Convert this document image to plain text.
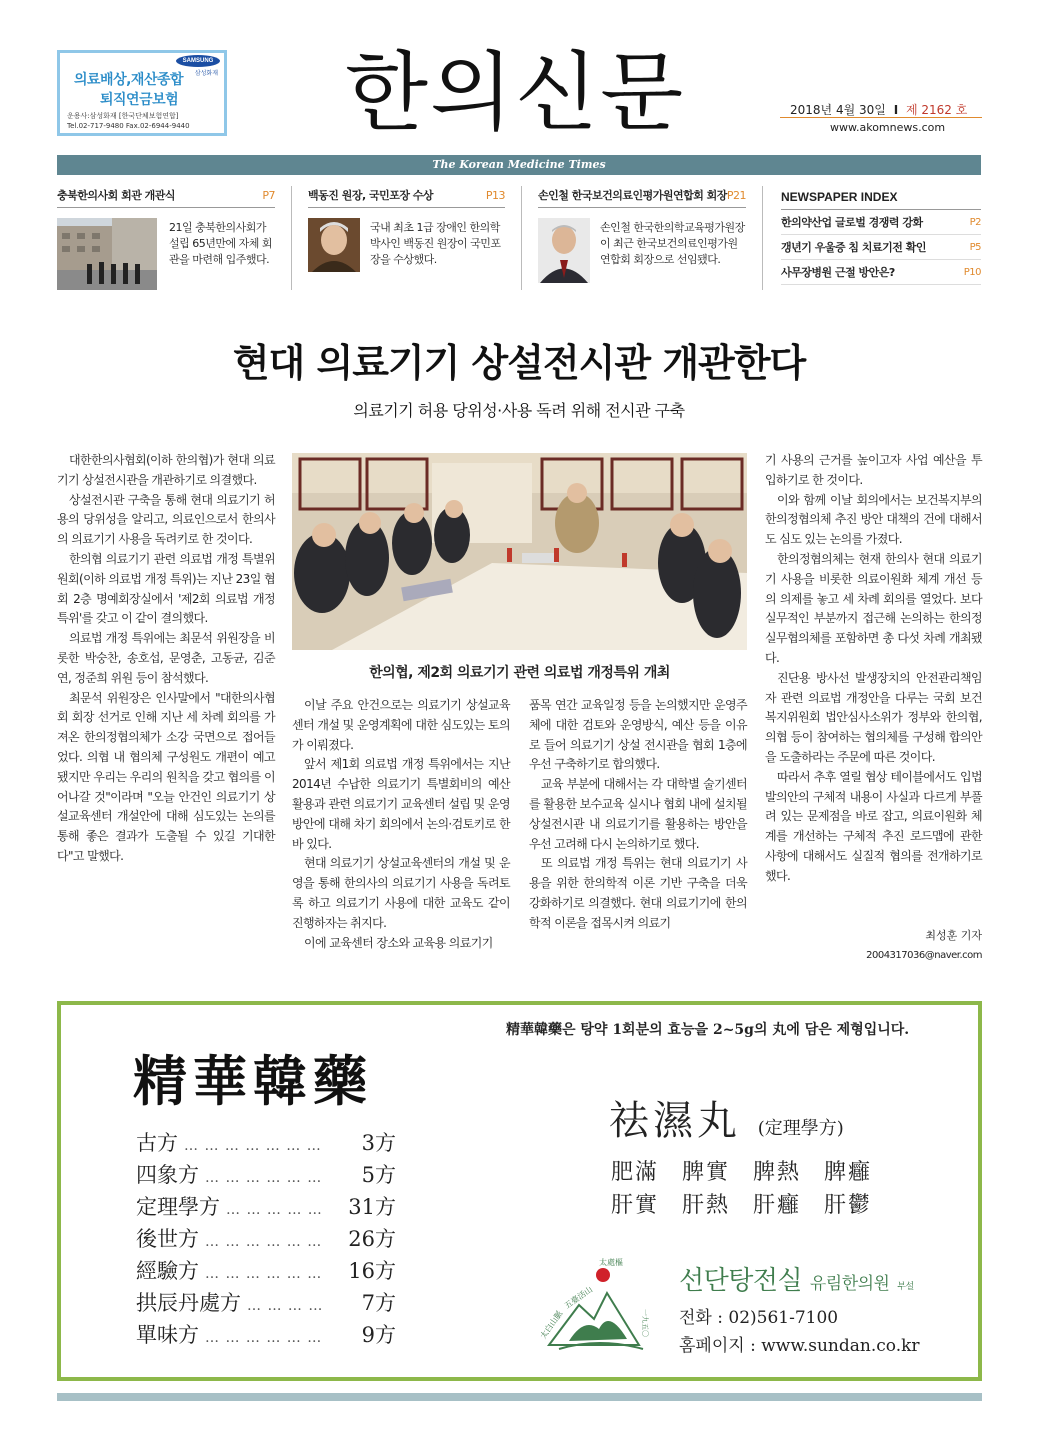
SAMSUNG
삼성화재
의료배상,재산종합
퇴직연금보험
운용사:삼성화재 [한국단체보험연합]
Tel.02-717-9480 Fax.02-6944-9440	한의신문	2018년 4월 30일 I 제 2162 호
www.akomnews.com
The Korean Medicine Times
충북한의사회 회관 개관식	P7
21일 충북한의사회가 설립 65년만에 자체 회관을 마련해 입주했다.
백동진 원장, 국민포장 수상	P13
국내 최초 1급 장애인 한의학박사인 백동진 원장이 국민포장을 수상했다.
손인철 한국보건의료인평가원연합회 회장 P21
손인철 한국한의학교육평가원장이 최근 한국보건의료인평가원연합회 회장으로 선임됐다.
NEWSPAPER INDEX
한의약산업 글로벌 경쟁력 강화	P2
갱년기 우울증 침 치료기전 확인	P5
사무장병원 근절 방안은?	P10
현대 의료기기 상설전시관 개관한다
의료기기 허용 당위성·사용 독려 위해 전시관 구축

대한한의사협회(이하 한의협)가 현대 의료기기 상설전시관을 개관하기로 의결했다.

상설전시관 구축을 통해 현대 의료기기 허용의 당위성을 알리고, 의료인으로서 한의사의 의료기기 사용을 독려키로 한 것이다.

한의협 의료기기 관련 의료법 개정 특별위원회(이하 의료법 개정 특위)는 지난 23일 협회 2층 명예회장실에서 '제2회 의료법 개정 특위'를 갖고 이 같이 결의했다.

의료법 개정 특위에는 최문석 위원장을 비롯한 박숭찬, 송호섭, 문영춘, 고동균, 김준연, 정준희 위원 등이 참석했다.

최문석 위원장은 인사말에서 "대한의사협회 회장 선거로 인해 지난 세 차례 회의를 가져온 한의정협의체가 소강 국면으로 접어들었다. 의협 내 협의체 구성원도 개편이 예고됐지만 우리는 우리의 원칙을 갖고 협의를 이어나갈 것"이라며 "오늘 안건인 의료기기 상설교육센터 개설안에 대해 심도있는 논의를 통해 좋은 결과가 도출될 수 있길 기대한다"고 말했다.

한의협, 제2회 의료기기 관련 의료법 개정특위 개최

이날 주요 안건으로는 의료기기 상설교육센터 개설 및 운영계획에 대한 심도있는 토의가 이뤄졌다.

앞서 제1회 의료법 개정 특위에서는 지난 2014년 수납한 의료기기 특별회비의 예산 활용과 관련 의료기기 교육센터 설립 및 운영방안에 대해 차기 회의에서 논의·검토키로 한 바 있다.

현대 의료기기 상설교육센터의 개설 및 운영을 통해 한의사의 의료기기 사용을 독려토록 하고 의료기기 사용에 대한 교육도 같이 진행하자는 취지다.

이에 교육센터 장소와 교육용 의료기기

품목 연간 교육일정 등을 논의했지만 운영주체에 대한 검토와 운영방식, 예산 등을 이유로 들어 의료기기 상설 전시관을 협회 1층에 우선 구축하기로 합의했다.

교육 부분에 대해서는 각 대학별 술기센터를 활용한 보수교육 실시나 협회 내에 설치될 상설전시관 내 의료기기를 활용하는 방안을 우선 고려해 다시 논의하기로 했다.

또 의료법 개정 특위는 현대 의료기기 사용을 위한 한의학적 이론 기반 구축을 더욱 강화하기로 의결했다. 현대 의료기기에 한의학적 이론을 접목시켜 의료기

기 사용의 근거를 높이고자 사업 예산을 투입하기로 한 것이다.

이와 함께 이날 회의에서는 보건복지부의 한의정협의체 추진 방안 대책의 건에 대해서도 심도 있는 논의를 가졌다.

한의정협의체는 현재 한의사 현대 의료기기 사용을 비롯한 의료이원화 체계 개선 등의 의제를 놓고 세 차례 회의를 열었다. 보다 실무적인 부분까지 접근해 논의하는 한의정 실무협의체를 포함하면 총 다섯 차례 개최됐다.

진단용 방사선 발생장치의 안전관리책임자 관련 의료법 개정안을 다루는 국회 보건복지위원회 법안심사소위가 정부와 한의협, 의협 등이 참여하는 협의체를 구성해 합의안을 도출하라는 주문에 따른 것이다.

따라서 추후 열릴 협상 테이블에서도 입법발의안의 구체적 내용이 사실과 다르게 부풀려 있는 문제점을 바로 잡고, 의료이원화 체계를 개선하는 구체적 추진 로드맵에 관한 사항에 대해서도 실질적 협의를 전개하기로 했다.

최성훈 기자
2004317036@naver.com
精華韓藥은 탕약 1회분의 효능을 2~5g의 丸에 담은 제형입니다.
精華韓藥
古方 … … … … … … … 3方
四象方 … … … … … … 5方
定理學方 … … … … … 31方
後世方 … … … … … … 26方
經驗方 … … … … … … 16方
拱辰丹處方 … … … … 7方
單味方 … … … … … … 9方
祛濕丸 (定理學方)
肥滿 脾實 脾熱 脾癰
肝實 肝熱 肝癰 肝鬱
太白山脈
五臺活山
太處樞
一九五〇
선단탕전실 유림한의원 부설
전화 : 02)561-7100
홈페이지 : www.sundan.co.kr
